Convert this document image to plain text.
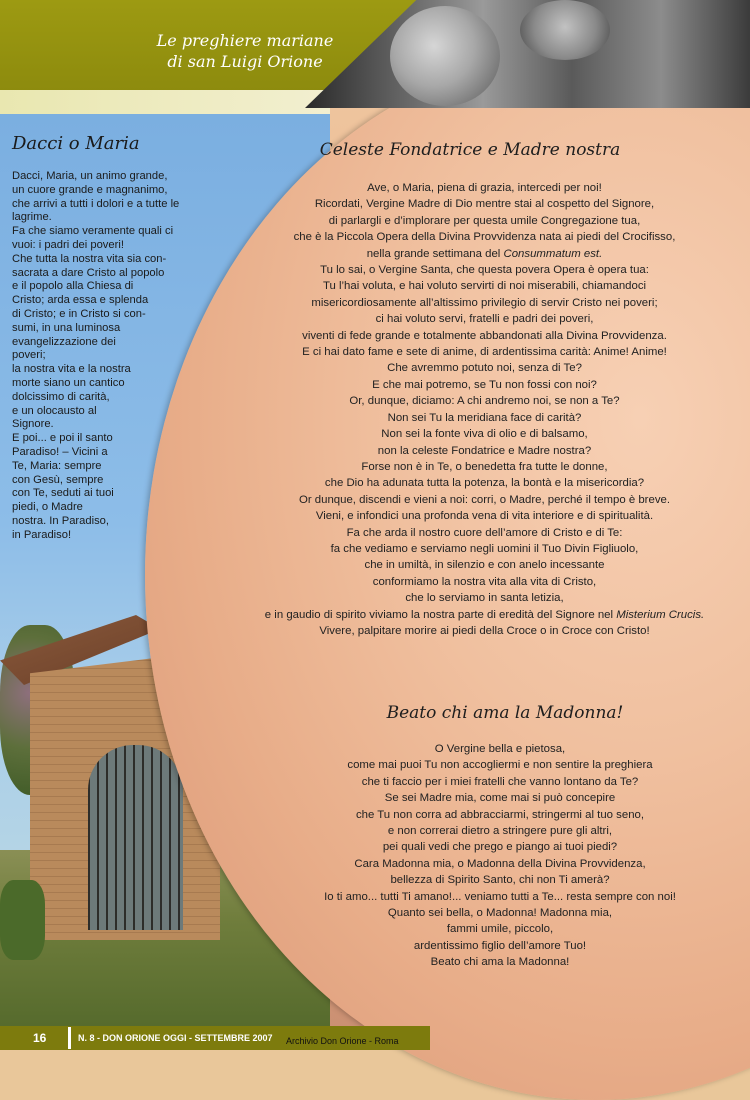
Le preghiere mariane
di san Luigi Orione
Dacci o Maria
Dacci, Maria, un animo grande,
un cuore grande e magnanimo,
che arrivi a tutti i dolori e a tutte le
lagrime.
Fa che siamo veramente quali ci
vuoi: i padri dei poveri!
Che tutta la nostra vita sia con-
sacrata a dare Cristo al popolo
e il popolo alla Chiesa di
Cristo; arda essa e splenda
di Cristo; e in Cristo si con-
sumi, in una luminosa
evangelizzazione dei
poveri;
la nostra vita e la nostra
morte siano un cantico
dolcissimo di carità,
e un olocausto al
Signore.
E poi... e poi il santo
Paradiso! – Vicini a
Te, Maria: sempre
con Gesù, sempre
con Te, seduti ai tuoi
piedi, o Madre
nostra. In Paradiso,
in Paradiso!
Celeste Fondatrice e Madre nostra
Ave, o Maria, piena di grazia, intercedi per noi!
Ricordati, Vergine Madre di Dio mentre stai al cospetto del Signore,
di parlargli e d’implorare per questa umile Congregazione tua,
che è la Piccola Opera della Divina Provvidenza nata ai piedi del Crocifisso,
nella grande settimana del Consummatum est.
Tu lo sai, o Vergine Santa, che questa povera Opera è opera tua:
Tu l’hai voluta, e hai voluto servirti di noi miserabili, chiamandoci
misericordiosamente all’altissimo privilegio di servir Cristo nei poveri;
ci hai voluto servi, fratelli e padri dei poveri,
viventi di fede grande e totalmente abbandonati alla Divina Provvidenza.
E ci hai dato fame e sete di anime, di ardentissima carità: Anime! Anime!
Che avremmo potuto noi, senza di Te?
E che mai potremo, se Tu non fossi con noi?
Or, dunque, diciamo: A chi andremo noi, se non a Te?
Non sei Tu la meridiana face di carità?
Non sei la fonte viva di olio e di balsamo,
non la celeste Fondatrice e Madre nostra?
Forse non è in Te, o benedetta fra tutte le donne,
che Dio ha adunata tutta la potenza, la bontà e la misericordia?
Or dunque, discendi e vieni a noi: corri, o Madre, perché il tempo è breve.
Vieni, e infondici una profonda vena di vita interiore e di spiritualità.
Fa che arda il nostro cuore dell’amore di Cristo e di Te:
fa che vediamo e serviamo negli uomini il Tuo Divin Figliuolo,
che in umiltà, in silenzio e con anelo incessante
conformiamo la nostra vita alla vita di Cristo,
che lo serviamo in santa letizia,
e in gaudio di spirito viviamo la nostra parte di eredità del Signore nel Misterium Crucis.
Vivere, palpitare morire ai piedi della Croce o in Croce con Cristo!
Beato chi ama la Madonna!
O Vergine bella e pietosa,
come mai puoi Tu non accogliermi e non sentire la preghiera
che ti faccio per i miei fratelli che vanno lontano da Te?
Se sei Madre mia, come mai si può concepire
che Tu non corra ad abbracciarmi, stringermi al tuo seno,
e non correrai dietro a stringere pure gli altri,
pei quali vedi che prego e piango ai tuoi piedi?
Cara Madonna mia, o Madonna della Divina Provvidenza,
bellezza di Spirito Santo, chi non Ti amerà?
Io ti amo... tutti Ti amano!... veniamo tutti a Te... resta sempre con noi!
Quanto sei bella, o Madonna! Madonna mia,
fammi umile, piccolo,
ardentissimo figlio dell’amore Tuo!
Beato chi ama la Madonna!
16	N. 8 - DON ORIONE OGGI - SETTEMBRE 2007 Archivio Don Orione - Roma
